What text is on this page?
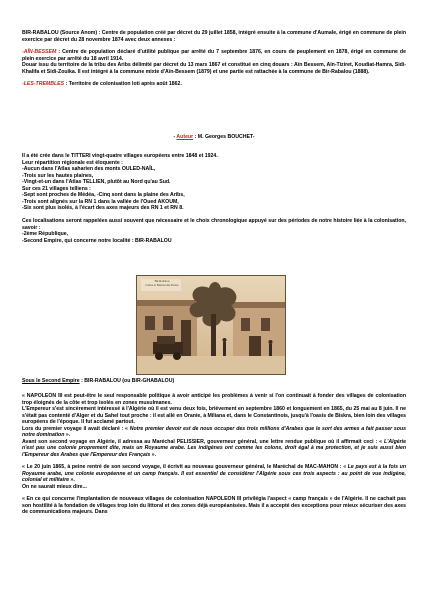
BIR-RABALOU (Source Anom) : Centre de population créé par décret du 29 juillet 1858, intégré ensuite à la commune d'Aumale, érigé en commune de plein exercice par décret du 28 novembre 1874 avec deux annexes :

-AÏN-BESSEM : Centre de population déclaré d'utilité publique par arrêté du 7 septembre 1876, en cours de peuplement en 1878, érigé en commune de plein exercice par arrêté du 18 avril 1914.

Douar issu du territoire de la tribu des Aribs délimité par décret du 13 mars 1867 et constitué en cinq douars : Aïn Bessem, Aïn-Tiziret, Koudiat-Hamra, Sidi-Khalifa et Sidi-Zouika. Il est intégré à la commune mixte d'Aïn-Bessem (1879) et une partie est rattachée à la commune de Bir-Rabalou (1888).

-LES-TREMBLES : Territoire de colonisation loti après août 1862.

- Auteur : M. Georges BOUCHET-

Il a été crée dans le TITTERI vingt-quatre villages européens entre 1848 et 1924.
Leur répartition régionale est éloquente :
-Aucun dans l'Atlas saharien des monts OULED-NAÏL,
-Trois sur les hautes plaines,
-Vingt-et-un dans l'Atlas TELLIEN, plutôt au Nord qu'au Sud.
Sur ces 21 villages telliens :
-Sept sont proches de Médéa, -Cinq sont dans la plaine des Aribs,
-Trois sont alignés sur la RN 1 dans la vallée de l'Oued AKOUM,
-Six sont plus isolés, à l'écart des axes majeurs des RN 1 et RN 8.

Ces localisations seront rappelées aussi souvent que nécessaire et le choix chronologique appuyé sur des périodes de notre histoire liée à la colonisation, savoir :

-2ème République,
-Second Empire, qui concerne notre localité : BIR-RABALOU

Bir-Rabalou
Caisse et Bureau des Postes

Sous le Second Empire : BIR-RABALOU (ou BIR-GHABALOU)

« NAPOLEON III est peut-être le seul responsable politique à avoir anticipé les problèmes à venir si l'on continuait à fonder des villages de colonisation trop éloignés de la côte et trop isolés en zones musulmanes.

L'Empereur s'est sincèrement intéressé à l'Algérie où il est venu deux fois, brièvement en septembre 1860 et longuement en 1865, du 25 mai au 8 juin. Il ne s'était pas contenté d'Alger et du Sahel tout proche : il est allé en Oranie, à Miliana et, dans le Constantinois, jusqu'à l'oasis de Biskra, bien loin des villages européens de l'époque. Il fut acclamé partout.

Lors du premier voyage il avait déclaré : « Notre premier devoir est de nous occuper des trois millions d'Arabes que le sort des armes a fait passer sous notre domination ».

Avant son second voyage en Algérie, il adressa au Maréchal PELISSIER, gouverneur général, une lettre rendue publique où il affirmait ceci : « L'Algérie n'est pas une colonie proprement dite, mais un Royaume arabe. Les indigènes ont comme les colons, droit égal à ma protection, et je suis aussi bien l'Empereur des Arabes que l'Empereur des Français ».

« Le 20 juin 1865, à peine rentré de son second voyage, il écrivit au nouveau gouverneur général, le Maréchal de MAC-MAHON : « Le pays est à la fois un Royaume arabe, une colonie européenne et un camp français. Il est essentiel de considérer l'Algérie sous ces trois aspects : au point de vue indigène, colonial et militaire ».

On ne saurait mieux dire...

« En ce qui concerne l'implantation de nouveaux villages de colonisation NAPOLEON III privilégia l'aspect « camp français » de l'Algérie. Il ne cachait pas son hostilité à la fondation de villages trop loin du littoral et des zones déjà européanisées. Mais il a accepté des exceptions pour mieux sécuriser des axes de communications majeurs. Dans
